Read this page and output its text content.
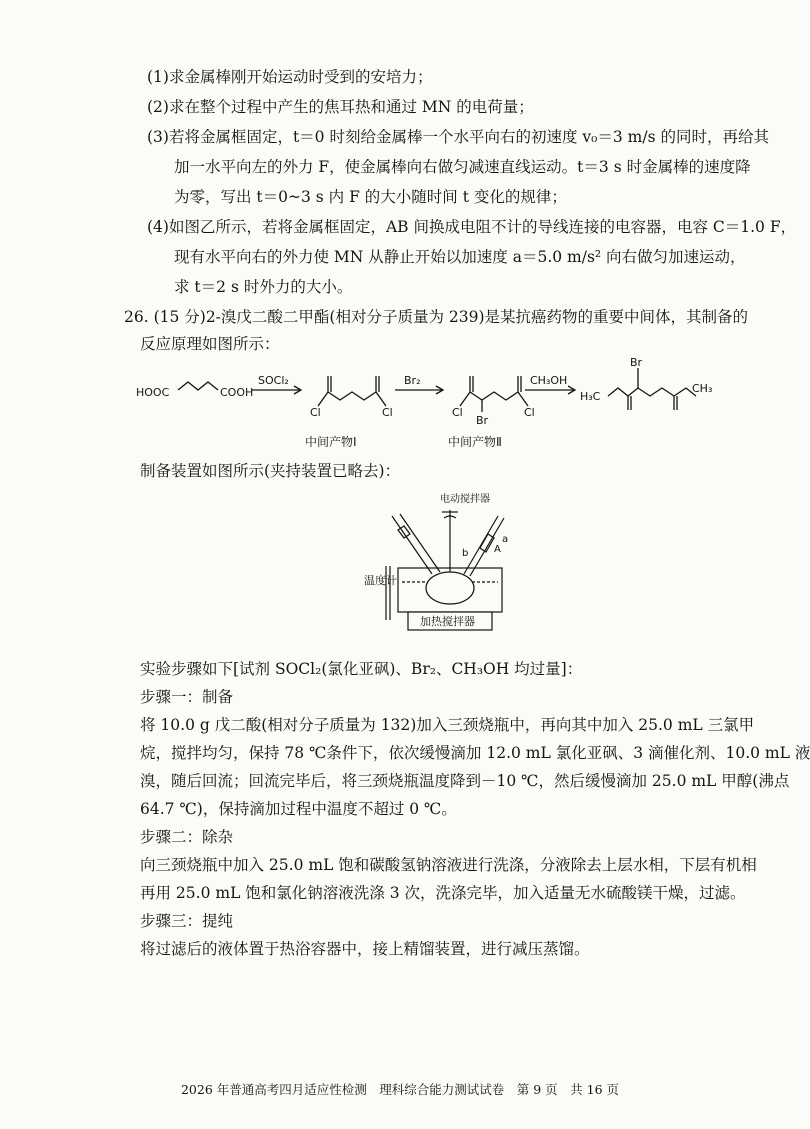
(1)求金属棒刚开始运动时受到的安培力；
(2)求在整个过程中产生的焦耳热和通过 MN 的电荷量；
(3)若将金属框固定，t＝0 时刻给金属棒一个水平向右的初速度 v₀＝3 m/s 的同时，再给其
加一水平向左的外力 F，使金属棒向右做匀减速直线运动。t＝3 s 时金属棒的速度降
为零，写出 t＝0~3 s 内 F 的大小随时间 t 变化的规律；
(4)如图乙所示，若将金属框固定，AB 间换成电阻不计的导线连接的电容器，电容 C＝1.0 F，
现有水平向右的外力使 MN 从静止开始以加速度 a＝5.0 m/s² 向右做匀加速运动，
求 t＝2 s 时外力的大小。
26. (15 分)2-溴戊二酸二甲酯(相对分子质量为 239)是某抗癌药物的重要中间体，其制备的
反应原理如图所示：
HOOC	COOH
SOCl₂
Cl	Cl
Br₂
Cl
Br
Cl
CH₃OH
H₃C
Br
CH₃
中间产物Ⅰ	中间产物Ⅱ
制备装置如图所示(夹持装置已略去)：
电动搅拌器
a
b	A
温度计
加热搅拌器
实验步骤如下[试剂 SOCl₂(氯化亚砜)、Br₂、CH₃OH 均过量]：
步骤一：制备
将 10.0 g 戊二酸(相对分子质量为 132)加入三颈烧瓶中，再向其中加入 25.0 mL 三氯甲
烷，搅拌均匀，保持 78 ℃条件下，依次缓慢滴加 12.0 mL 氯化亚砜、3 滴催化剂、10.0 mL 液
溴，随后回流；回流完毕后，将三颈烧瓶温度降到－10 ℃，然后缓慢滴加 25.0 mL 甲醇(沸点
64.7 ℃)，保持滴加过程中温度不超过 0 ℃。
步骤二：除杂
向三颈烧瓶中加入 25.0 mL 饱和碳酸氢钠溶液进行洗涤，分液除去上层水相，下层有机相
再用 25.0 mL 饱和氯化钠溶液洗涤 3 次，洗涤完毕，加入适量无水硫酸镁干燥，过滤。
步骤三：提纯
将过滤后的液体置于热浴容器中，接上精馏装置，进行减压蒸馏。
2026 年普通高考四月适应性检测　理科综合能力测试试卷　第 9 页　共 16 页
